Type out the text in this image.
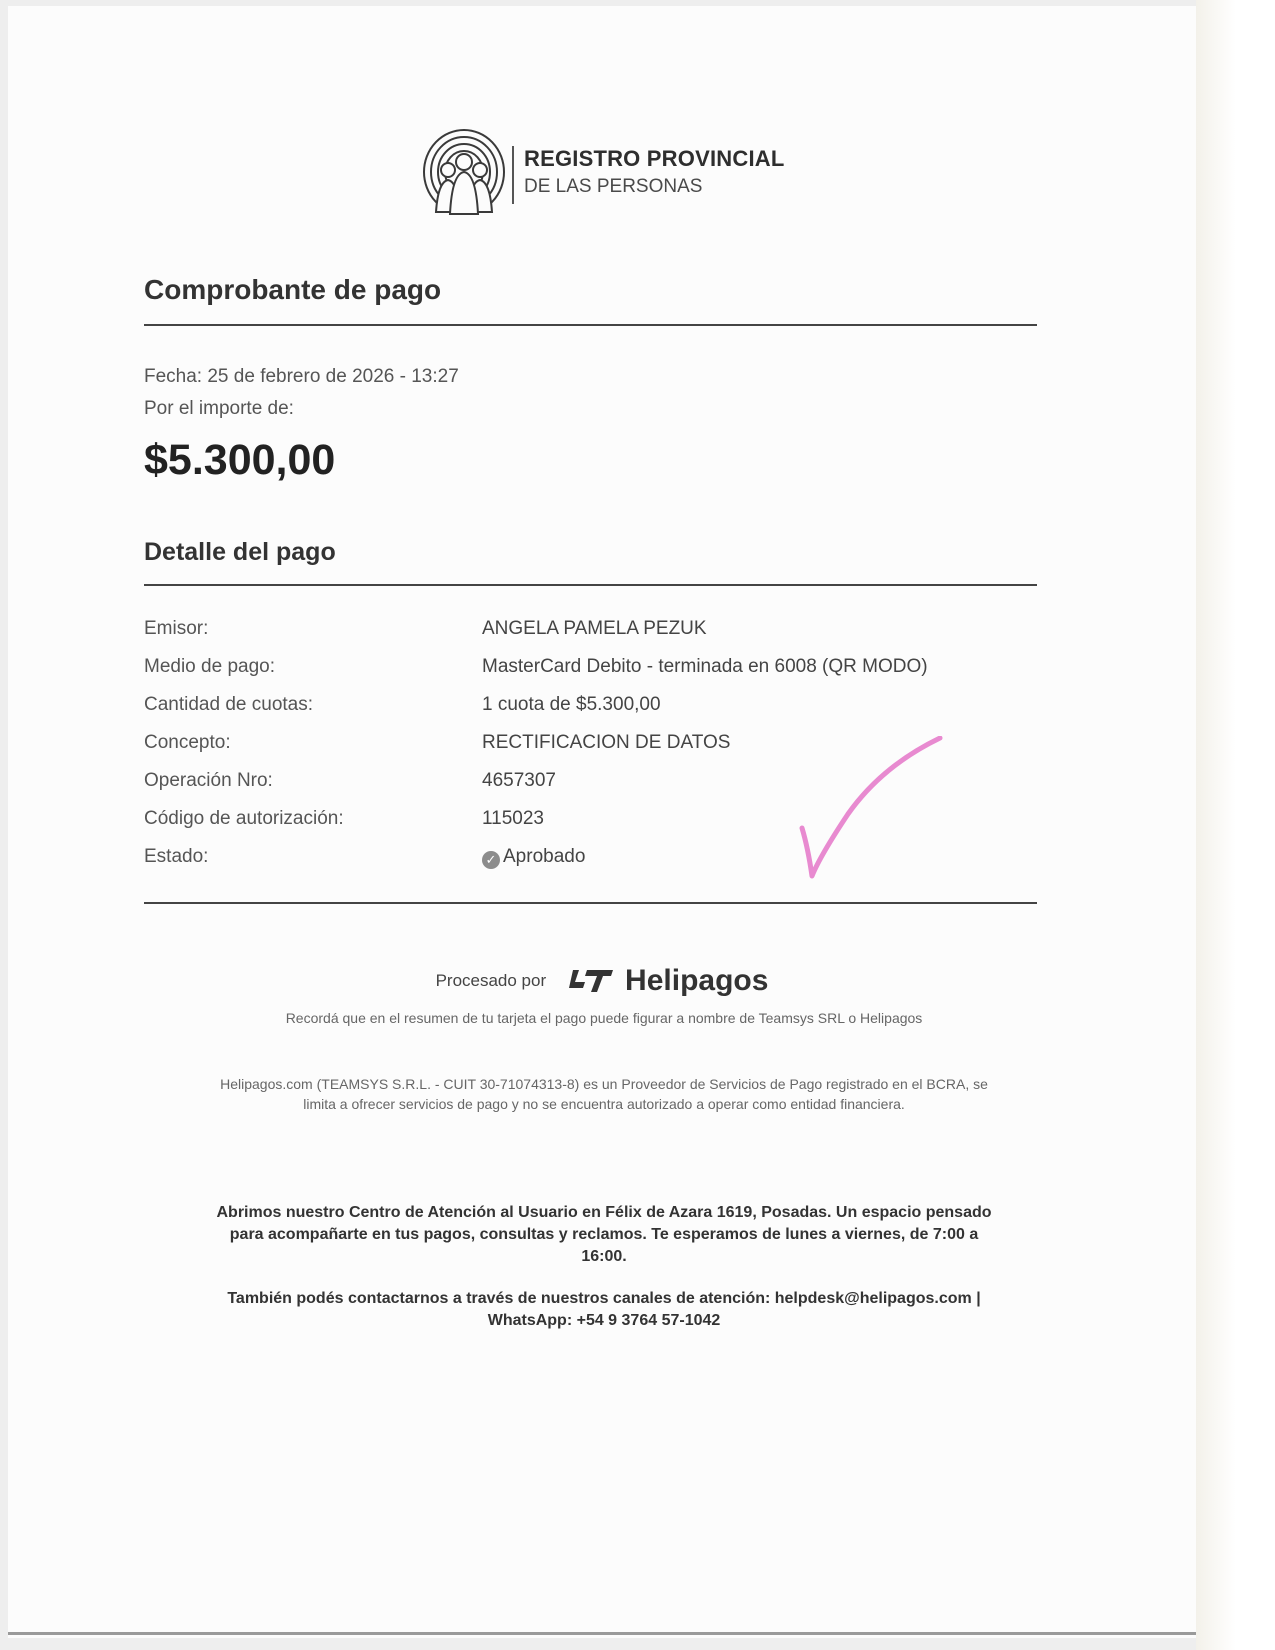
REGISTRO PROVINCIAL
DE LAS PERSONAS
Comprobante de pago
Fecha: 25 de febrero de 2026 - 13:27
Por el importe de:
$5.300,00
Detalle del pago
Emisor:	ANGELA PAMELA PEZUK
Medio de pago:	MasterCard Debito - terminada en 6008 (QR MODO)
Cantidad de cuotas:	1 cuota de $5.300,00
Concepto:	RECTIFICACION DE DATOS
Operación Nro:	4657307
Código de autorización:	115023
Estado:	✓ Aprobado
Procesado por	Helipagos
Recordá que en el resumen de tu tarjeta el pago puede figurar a nombre de Teamsys SRL o Helipagos
Helipagos.com (TEAMSYS S.R.L. - CUIT 30-71074313-8) es un Proveedor de Servicios de Pago registrado en el BCRA, se limita a ofrecer servicios de pago y no se encuentra autorizado a operar como entidad financiera.
Abrimos nuestro Centro de Atención al Usuario en Félix de Azara 1619, Posadas. Un espacio pensado para acompañarte en tus pagos, consultas y reclamos. Te esperamos de lunes a viernes, de 7:00 a 16:00.
También podés contactarnos a través de nuestros canales de atención: helpdesk@helipagos.com | WhatsApp: +54 9 3764 57-1042
